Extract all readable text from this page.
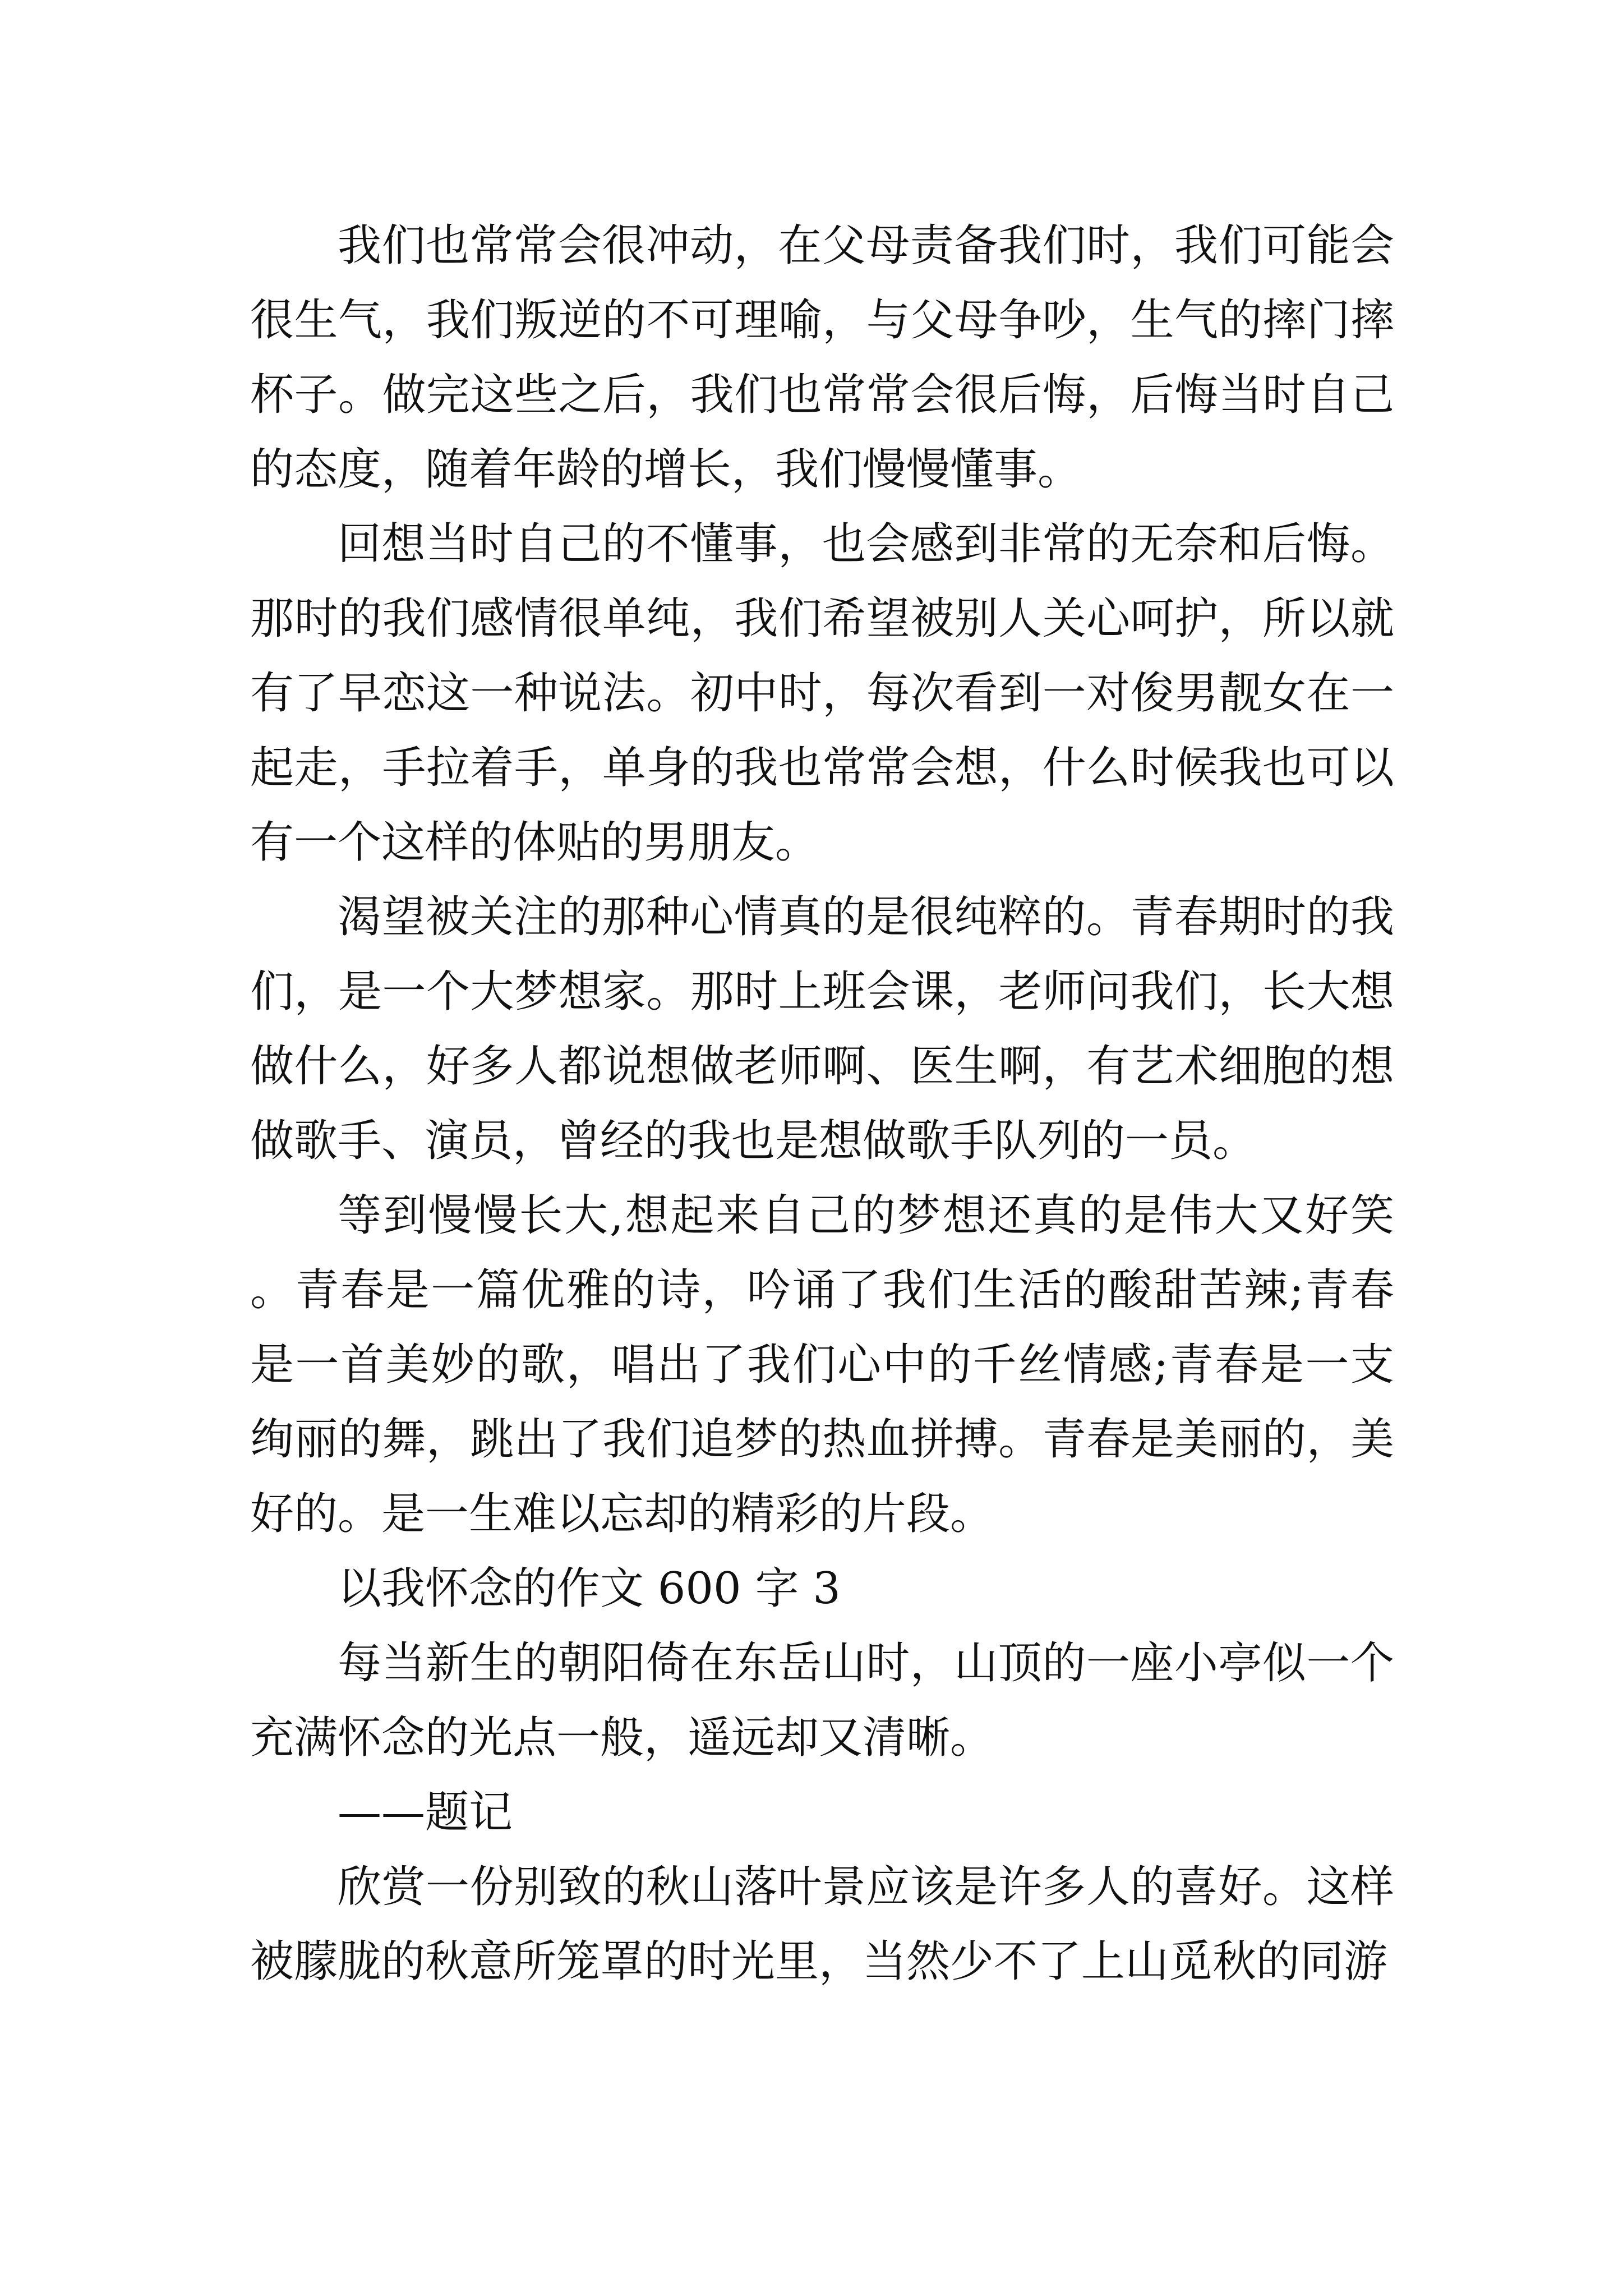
我们也常常会很冲动，在父母责备我们时，我们可能会很生气，我们叛逆的不可理喻，与父母争吵，生气的摔门摔杯子。做完这些之后，我们也常常会很后悔，后悔当时自己的态度，随着年龄的增长，我们慢慢懂事。

回想当时自己的不懂事，也会感到非常的无奈和后悔。那时的我们感情很单纯，我们希望被别人关心呵护，所以就有了早恋这一种说法。初中时，每次看到一对俊男靓女在一起走，手拉着手，单身的我也常常会想，什么时候我也可以有一个这样的体贴的男朋友。

渴望被关注的那种心情真的是很纯粹的。青春期时的我们，是一个大梦想家。那时上班会课，老师问我们，长大想做什么，好多人都说想做老师啊、医生啊，有艺术细胞的想做歌手、演员，曾经的我也是想做歌手队列的一员。

等到慢慢长大,想起来自己的梦想还真的是伟大又好笑。青春是一篇优雅的诗，吟诵了我们生活的酸甜苦辣;青春是一首美妙的歌，唱出了我们心中的千丝情感;青春是一支绚丽的舞，跳出了我们追梦的热血拼搏。青春是美丽的，美好的。是一生难以忘却的精彩的片段。

以我怀念的作文 600 字 3

每当新生的朝阳倚在东岳山时，山顶的一座小亭似一个充满怀念的光点一般，遥远却又清晰。

——题记

欣赏一份别致的秋山落叶景应该是许多人的喜好。这样被朦胧的秋意所笼罩的时光里，当然少不了上山觅秋的同游
